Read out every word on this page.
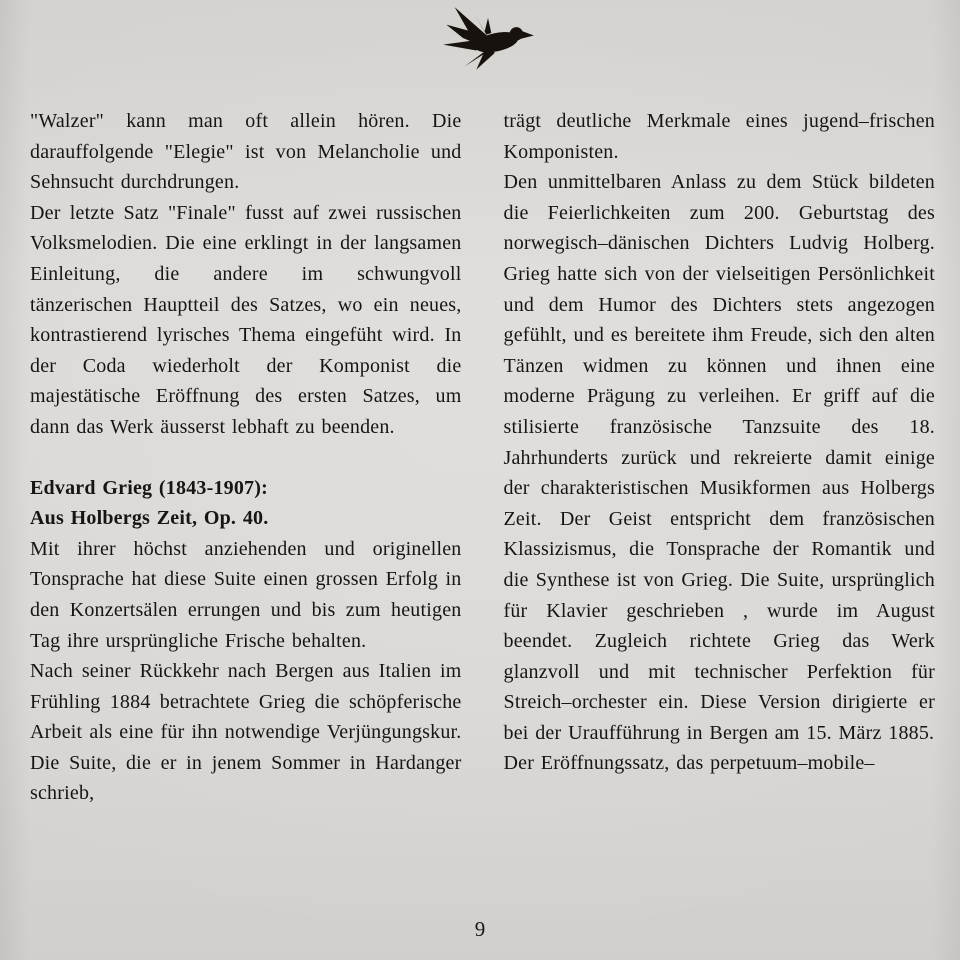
"Walzer" kann man oft allein hören. Die darauffolgende "Elegie" ist von Melancholie und Sehnsucht durchdrungen.

Der letzte Satz "Finale" fusst auf zwei russischen Volksmelodien. Die eine erklingt in der langsamen Einleitung, die andere im schwungvoll tänzerischen Hauptteil des Satzes, wo ein neues, kontrastierend lyrisches Thema eingefüht wird. In der Coda wiederholt der Komponist die majestätische Eröffnung des ersten Satzes, um dann das Werk äusserst lebhaft zu beenden.

Edvard Grieg (1843-1907):

Aus Holbergs Zeit, Op. 40.

Mit ihrer höchst anziehenden und originellen Tonsprache hat diese Suite einen grossen Erfolg in den Konzertsälen errungen und bis zum heutigen Tag ihre ursprüngliche Frische behalten.

Nach seiner Rückkehr nach Bergen aus Italien im Frühling 1884 betrachtete Grieg die schöpferische Arbeit als eine für ihn notwendige Verjüngungskur. Die Suite, die er in jenem Sommer in Hardanger schrieb,

trägt deutliche Merkmale eines jugend–frischen Komponisten.

Den unmittelbaren Anlass zu dem Stück bildeten die Feierlichkeiten zum 200. Geburtstag des norwegisch–dänischen Dichters Ludvig Holberg. Grieg hatte sich von der vielseitigen Persönlichkeit und dem Humor des Dichters stets angezogen gefühlt, und es bereitete ihm Freude, sich den alten Tänzen widmen zu können und ihnen eine moderne Prägung zu verleihen. Er griff auf die stilisierte französische Tanzsuite des 18. Jahrhunderts zurück und rekreierte damit einige der charakteristischen Musikformen aus Holbergs Zeit. Der Geist entspricht dem französischen Klassizismus, die Tonsprache der Romantik und die Synthese ist von Grieg. Die Suite, ursprünglich für Klavier geschrieben , wurde im August beendet. Zugleich richtete Grieg das Werk glanzvoll und mit technischer Perfektion für Streich–orchester ein. Diese Version dirigierte er bei der Uraufführung in Bergen am 15. März 1885.

Der Eröffnungssatz, das perpetuum–mobile–

9
